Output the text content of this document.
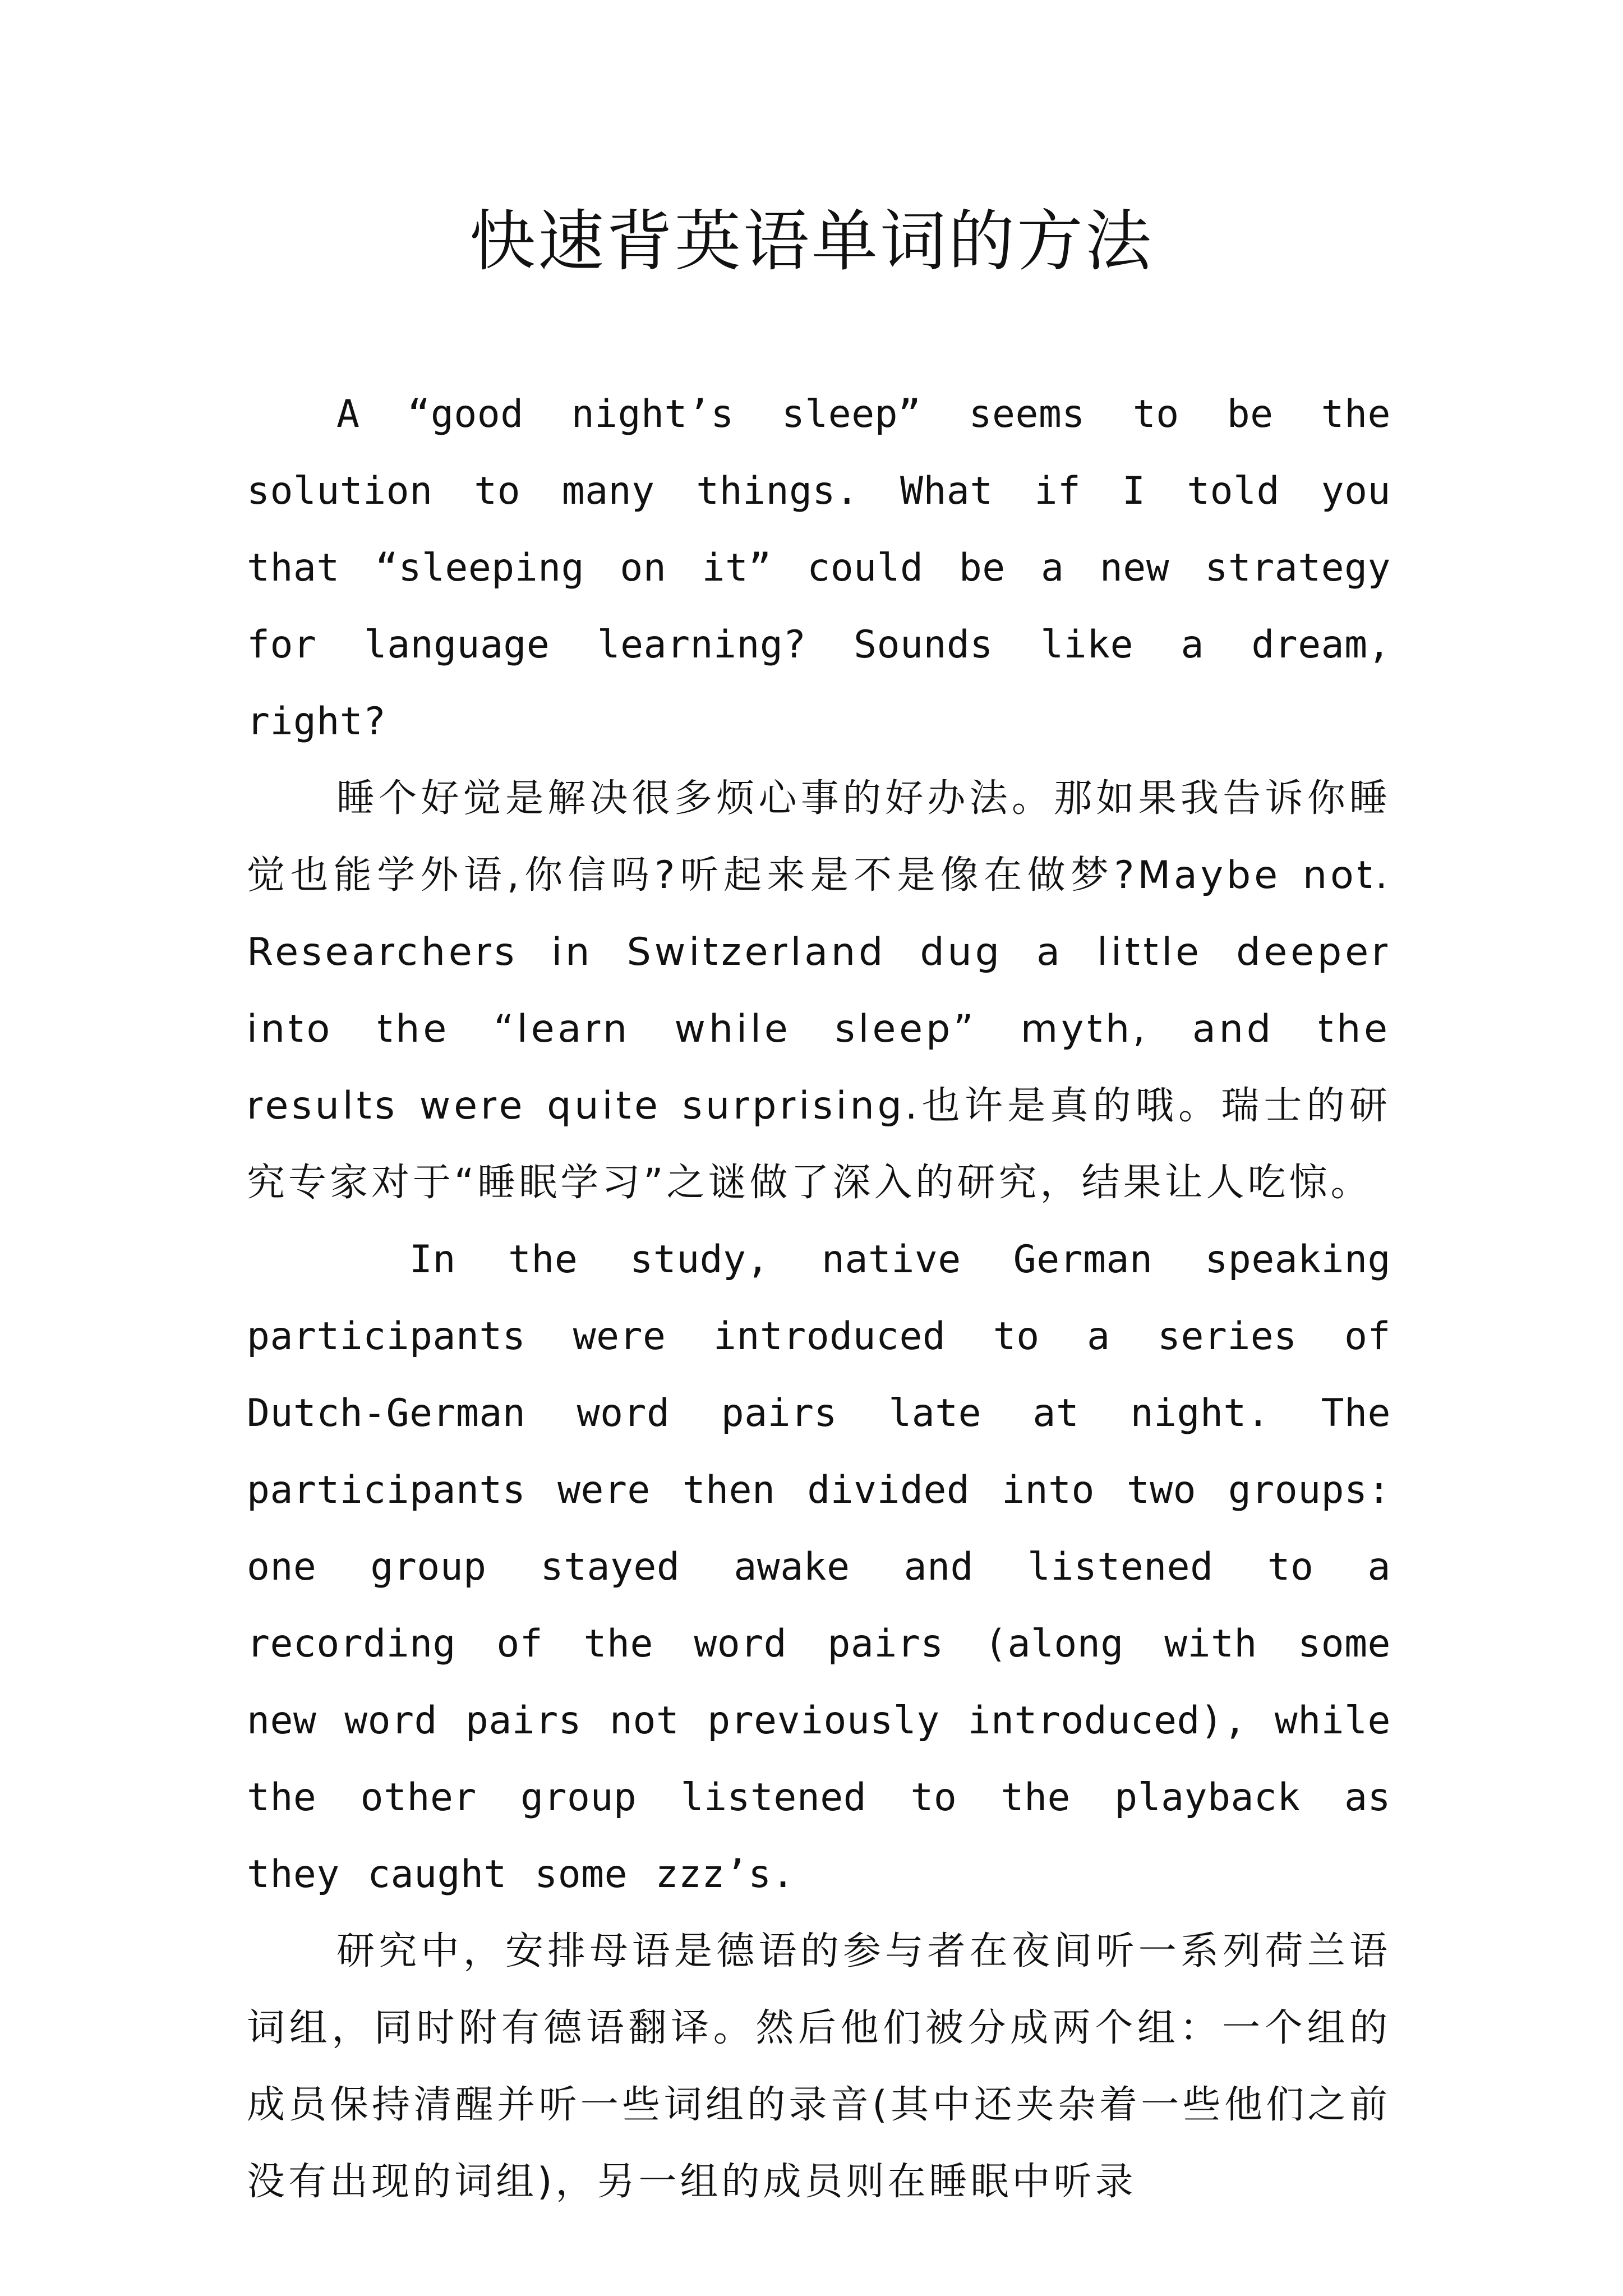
快速背英语单词的方法

A “good night’s sleep” seems to be the solution to many things. What if I told you that “sleeping on it” could be a new strategy for language learning? Sounds like a dream, right?

睡个好觉是解决很多烦心事的好办法。那如果我告诉你睡觉也能学外语,你信吗?听起来是不是像在做梦?Maybe not. Researchers in Switzerland dug a little deeper into the “learn while sleep” myth, and the results were quite surprising.也许是真的哦。瑞士的研究专家对于“睡眠学习”之谜做了深入的研究，结果让人吃惊。

In the study, native German speaking participants were introduced to a series of Dutch-German word pairs late at night. The participants were then divided into two groups: one group stayed awake and listened to a recording of the word pairs (along with some new word pairs not previously introduced), while the other group listened to the playback as they caught some zzz’s.

研究中，安排母语是德语的参与者在夜间听一系列荷兰语词组，同时附有德语翻译。然后他们被分成两个组：一个组的成员保持清醒并听一些词组的录音(其中还夹杂着一些他们之前没有出现的词组)，另一组的成员则在睡眠中听录
